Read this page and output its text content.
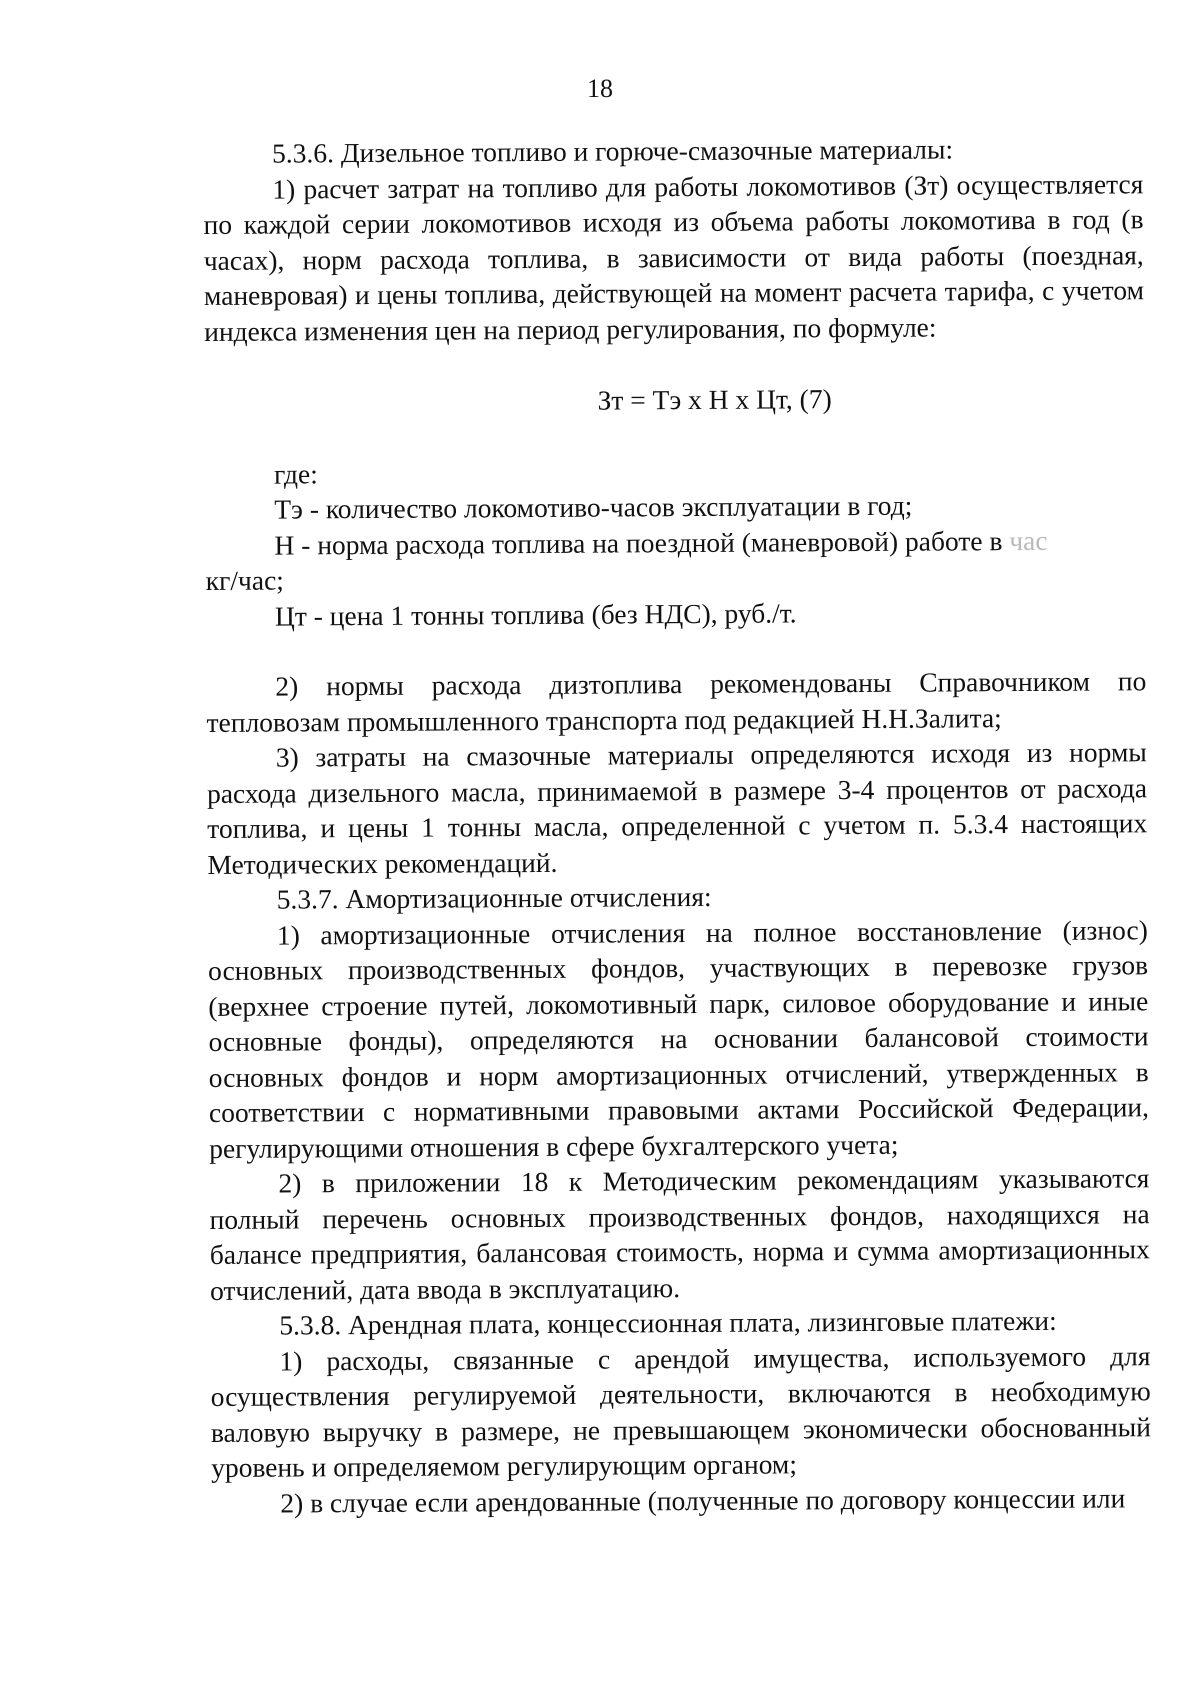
18

5.3.6. Дизельное топливо и горюче-смазочные материалы:

1) расчет затрат на топливо для работы локомотивов (Зт) осуществляется по каждой серии локомотивов исходя из объема работы локомотива в год (в часах), норм расхода топлива, в зависимости от вида работы (поездная, маневровая) и цены топлива, действующей на момент расчета тарифа, с учетом индекса изменения цен на период регулирования, по формуле:

Зт = Тэ х Н х Цт, (7)

где:

Тэ - количество локомотиво-часов эксплуатации в год;

Н - норма расхода топлива на поездной (маневровой) работе в час

кг/час;

Цт - цена 1 тонны топлива (без НДС), руб./т.

2) нормы расхода дизтоплива рекомендованы Справочником по тепловозам промышленного транспорта под редакцией Н.Н.Залита;

3) затраты на смазочные материалы определяются исходя из нормы расхода дизельного масла, принимаемой в размере 3-4 процентов от расхода топлива, и цены 1 тонны масла, определенной с учетом п. 5.3.4 настоящих Методических рекомендаций.

5.3.7. Амортизационные отчисления:

1) амортизационные отчисления на полное восстановление (износ) основных производственных фондов, участвующих в перевозке грузов (верхнее строение путей, локомотивный парк, силовое оборудование и иные основные фонды), определяются на основании балансовой стоимости основных фондов и норм амортизационных отчислений, утвержденных в соответствии с нормативными правовыми актами Российской Федерации, регулирующими отношения в сфере бухгалтерского учета;

2) в приложении 18 к Методическим рекомендациям указываются полный перечень основных производственных фондов, находящихся на балансе предприятия, балансовая стоимость, норма и сумма амортизационных отчислений, дата ввода в эксплуатацию.

5.3.8. Арендная плата, концессионная плата, лизинговые платежи:

1) расходы, связанные с арендой имущества, используемого для осуществления регулируемой деятельности, включаются в необходимую валовую выручку в размере, не превышающем экономически обоснованный уровень и определяемом регулирующим органом;

2) в случае если арендованные (полученные по договору концессии или
